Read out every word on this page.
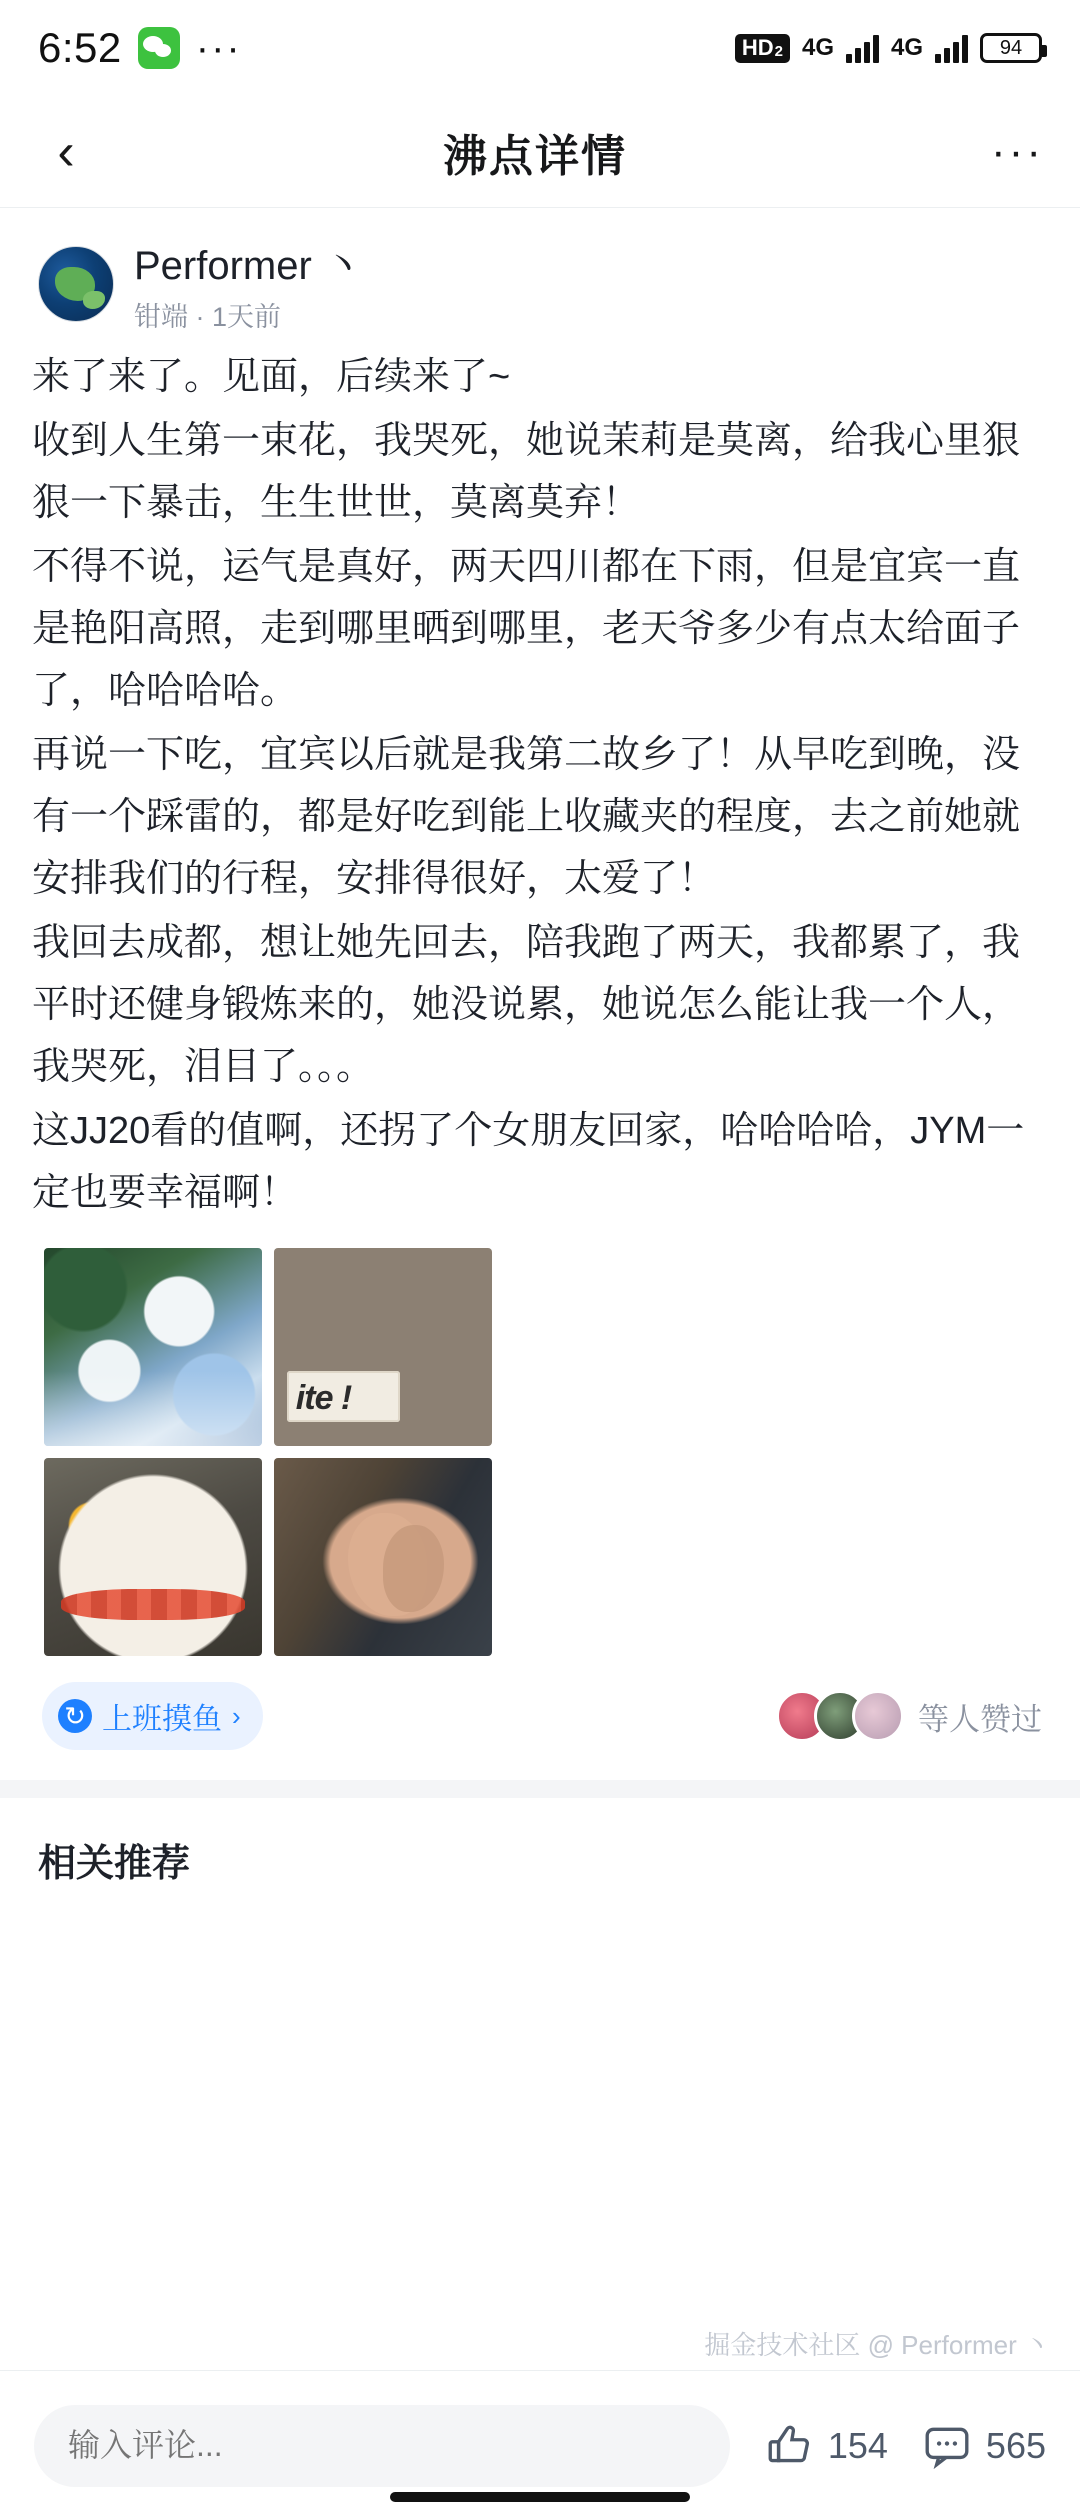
6:52 ···	HD 2 4G 4G	94
‹	沸点详情	···
Performer 丶
钳端 · 1天前

来了来了。见面，后续来了~

收到人生第一束花，我哭死，她说茉莉是莫离，给我心里狠狠一下暴击，生生世世，莫离莫弃！

不得不说，运气是真好，两天四川都在下雨，但是宜宾一直是艳阳高照，走到哪里晒到哪里，老天爷多少有点太给面子了，哈哈哈哈。

再说一下吃，宜宾以后就是我第二故乡了！从早吃到晚，没有一个踩雷的，都是好吃到能上收藏夹的程度，去之前她就安排我们的行程，安排得很好，太爱了！

我回去成都，想让她先回去，陪我跑了两天，我都累了，我平时还健身锻炼来的，她没说累，她说怎么能让我一个人，我哭死，泪目了。。。

这JJ20看的值啊，还拐了个女朋友回家，哈哈哈哈，JYM一定也要幸福啊！

ite !
↻
上班摸鱼 ›	等人赞过
相关推荐
掘金技术社区 @ Performer 丶
输入评论...
154	565
